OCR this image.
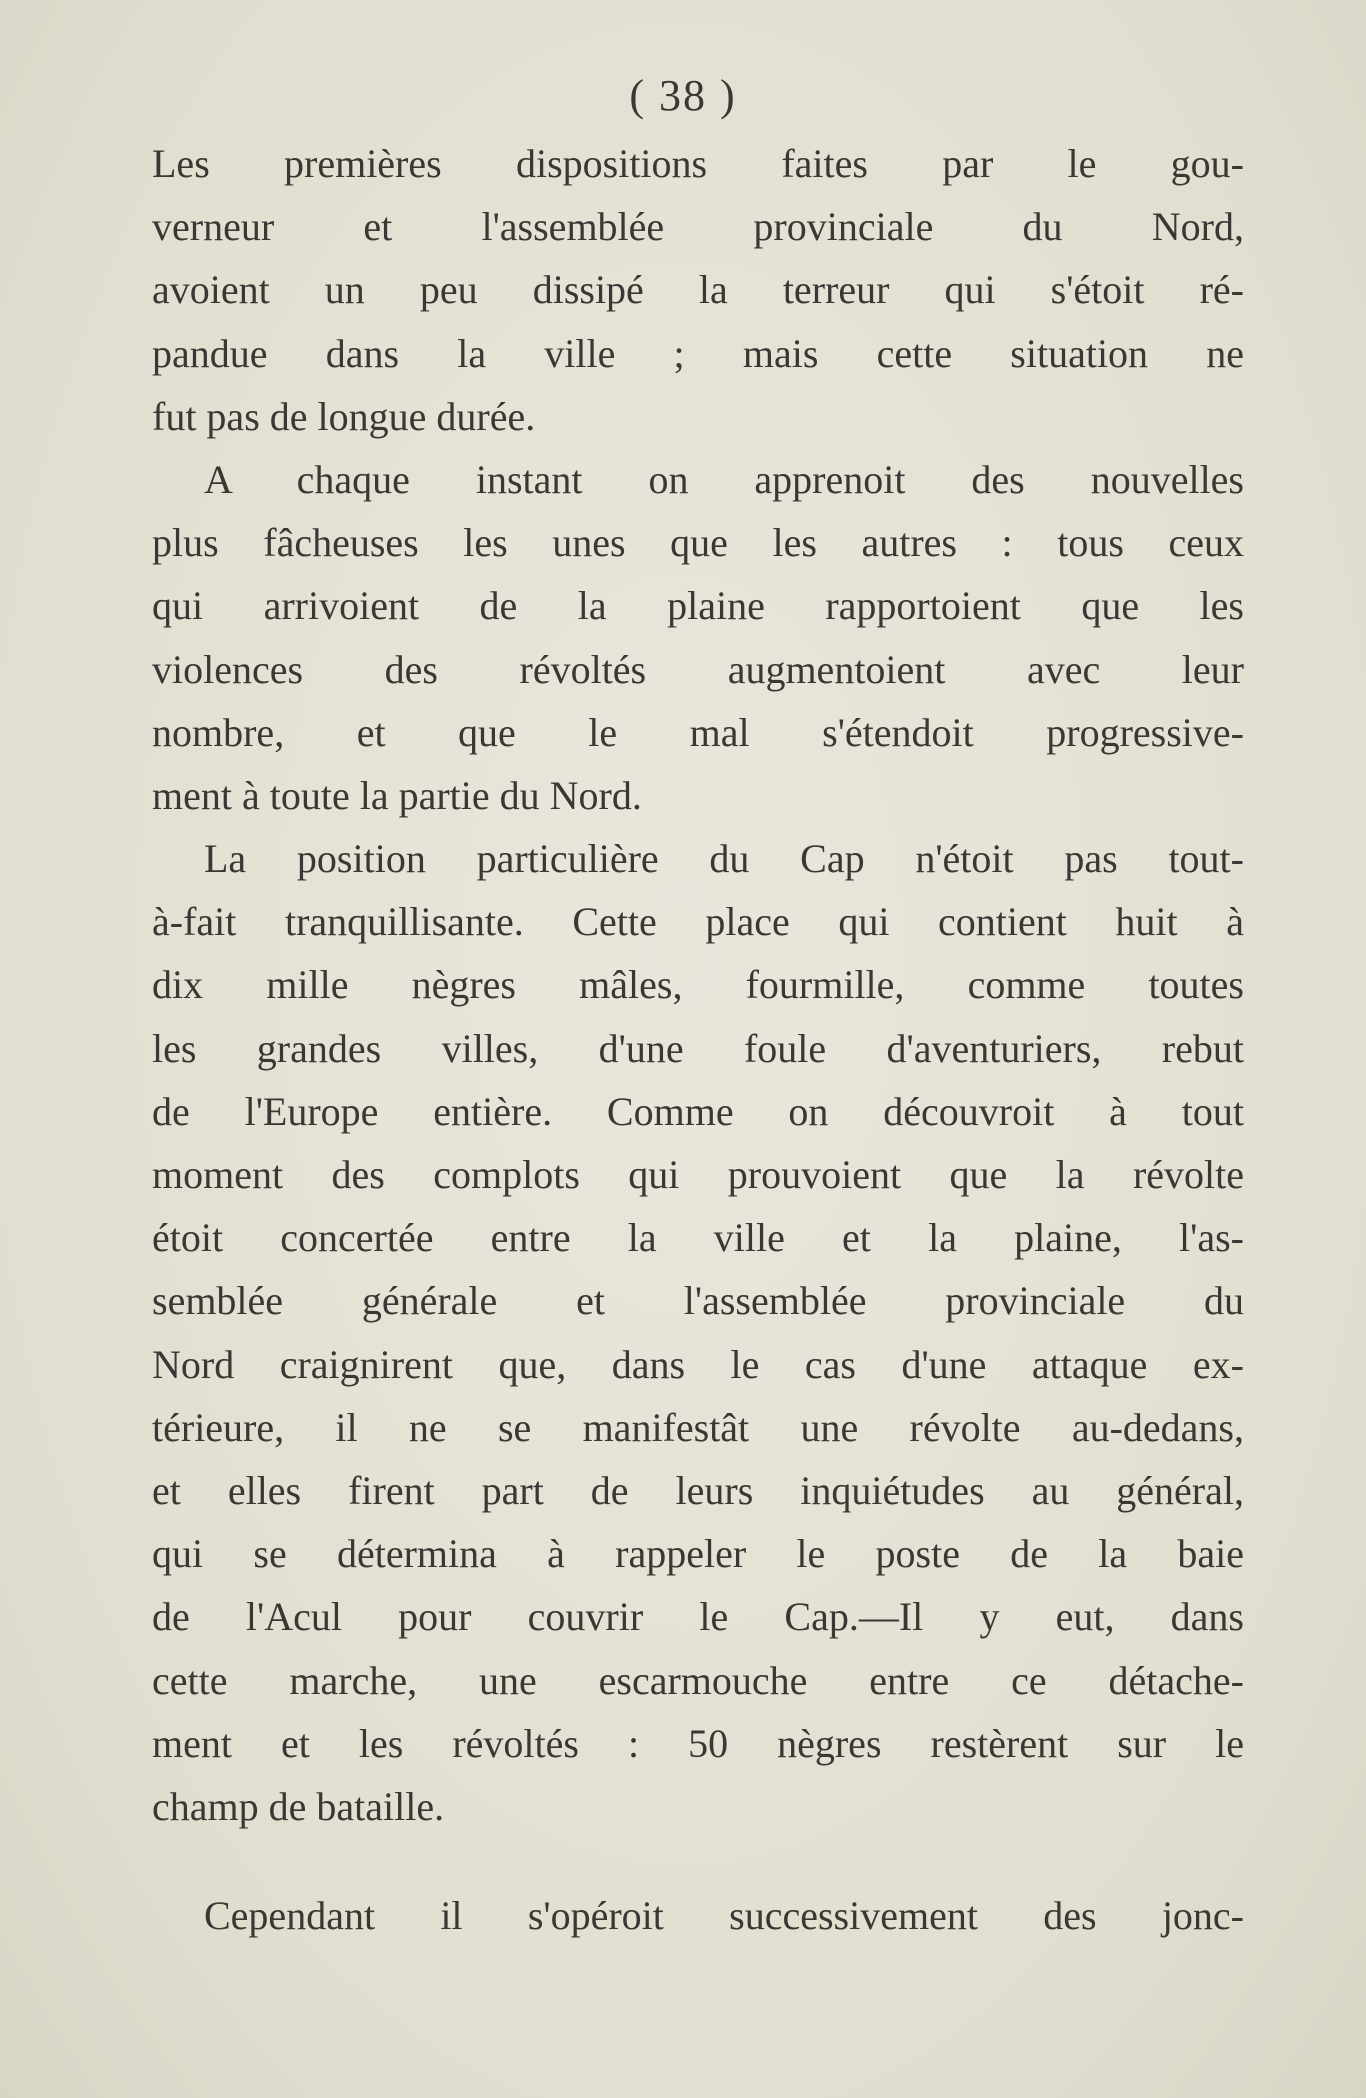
( 38 )
Les premières dispositions faites par le gou-
verneur et l'assemblée provinciale du Nord,
avoient un peu dissipé la terreur qui s'étoit ré-
pandue dans la ville ; mais cette situation ne
fut pas de longue durée.
A chaque instant on apprenoit des nouvelles
plus fâcheuses les unes que les autres : tous ceux
qui arrivoient de la plaine rapportoient que les
violences des révoltés augmentoient avec leur
nombre, et que le mal s'étendoit progressive-
ment à toute la partie du Nord.
La position particulière du Cap n'étoit pas tout-
à-fait tranquillisante. Cette place qui contient huit à
dix mille nègres mâles, fourmille, comme toutes
les grandes villes, d'une foule d'aventuriers, rebut
de l'Europe entière. Comme on découvroit à tout
moment des complots qui prouvoient que la révolte
étoit concertée entre la ville et la plaine, l'as-
semblée générale et l'assemblée provinciale du
Nord craignirent que, dans le cas d'une attaque ex-
térieure, il ne se manifestât une révolte au-dedans,
et elles firent part de leurs inquiétudes au général,
qui se détermina à rappeler le poste de la baie
de l'Acul pour couvrir le Cap.—Il y eut, dans
cette marche, une escarmouche entre ce détache-
ment et les révoltés : 50 nègres restèrent sur le
champ de bataille.
Cependant il s'opéroit successivement des jonc-
